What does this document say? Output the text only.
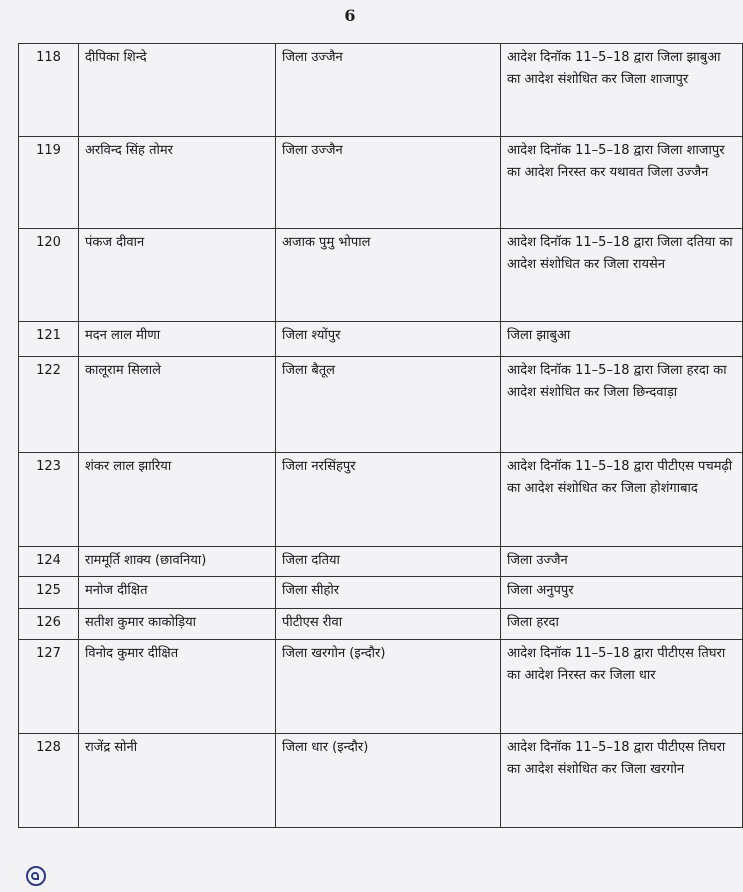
6
118	दीपिका शिन्दे	जिला उज्जैन	आदेश दिनॉक 11–5–18 द्वारा जिला झाबुआ का आदेश संशोधित कर जिला शाजापुर
119	अरविन्द सिंह तोमर	जिला उज्जैन	आदेश दिनॉक 11–5–18 द्वारा जिला शाजापुर का आदेश निरस्त कर यथावत जिला उज्जैन
120	पंकज दीवान	अजाक पुमु भोपाल	आदेश दिनॉक 11–5–18 द्वारा जिला दतिया का आदेश संशोधित कर जिला रायसेन
121	मदन लाल मीणा	जिला श्योंपुर	जिला झाबुआ
122	कालूराम सिलाले	जिला बैतूल	आदेश दिनॉक 11–5–18 द्वारा जिला हरदा का आदेश संशोधित कर जिला छिन्दवाड़ा
123	शंकर लाल झारिया	जिला नरसिंहपुर	आदेश दिनॉक 11–5–18 द्वारा पीटीएस पचमढ़ी का आदेश संशोधित कर जिला होशंगाबाद
124	राममूर्ति शाक्य (छावनिया)	जिला दतिया	जिला उज्जैन
125	मनोज दीक्षित	जिला सीहोर	जिला अनुपपुर
126	सतीश कुमार काकोड़िया	पीटीएस रीवा	जिला हरदा
127	विनोद कुमार दीक्षित	जिला खरगोन (इन्दौर)	आदेश दिनॉक 11–5–18 द्वारा पीटीएस तिघरा का आदेश निरस्त कर जिला धार
128	राजेंद्र सोनी	जिला धार (इन्दौर)	आदेश दिनॉक 11–5–18 द्वारा पीटीएस तिघरा का आदेश संशोधित कर जिला खरगोन
